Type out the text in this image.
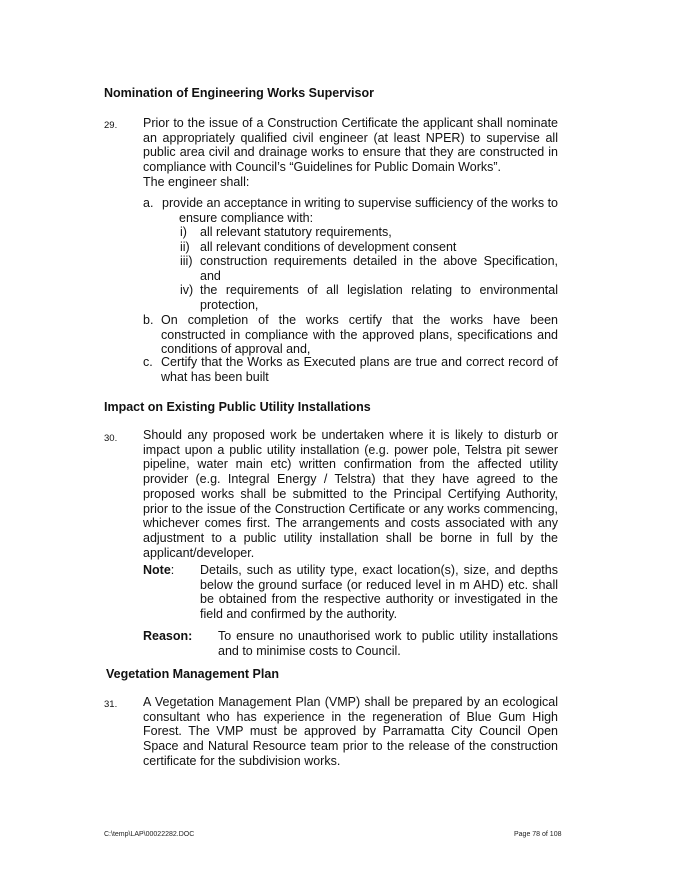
Nomination of Engineering Works Supervisor
29. Prior to the issue of a Construction Certificate the applicant shall nominate an appropriately qualified civil engineer (at least NPER) to supervise all public area civil and drainage works to ensure that they are constructed in compliance with Council’s “Guidelines for Public Domain Works”.

The engineer shall:

a. provide an acceptance in writing to supervise sufficiency of the works to ensure compliance with:
i) all relevant statutory requirements,
ii) all relevant conditions of development consent
iii) construction requirements detailed in the above Specification, and
iv) the requirements of all legislation relating to environmental protection,
b. On completion of the works certify that the works have been constructed in compliance with the approved plans, specifications and conditions of approval and,
c. Certify that the Works as Executed plans are true and correct record of what has been built
Impact on Existing Public Utility Installations
30. Should any proposed work be undertaken where it is likely to disturb or impact upon a public utility installation (e.g. power pole, Telstra pit sewer pipeline, water main etc) written confirmation from the affected utility provider (e.g. Integral Energy / Telstra) that they have agreed to the proposed works shall be submitted to the Principal Certifying Authority, prior to the issue of the Construction Certificate or any works commencing, whichever comes first. The arrangements and costs associated with any adjustment to a public utility installation shall be borne in full by the applicant/developer.

Note: Details, such as utility type, exact location(s), size, and depths below the ground surface (or reduced level in m AHD) etc. shall be obtained from the respective authority or investigated in the field and confirmed by the authority.
Reason: To ensure no unauthorised work to public utility installations and to minimise costs to Council.
Vegetation Management Plan
31. A Vegetation Management Plan (VMP) shall be prepared by an ecological consultant who has experience in the regeneration of Blue Gum High Forest. The VMP must be approved by Parramatta City Council Open Space and Natural Resource team prior to the release of the construction certificate for the subdivision works.

C:\temp\LAP\00022282.DOC	Page 78 of 108
